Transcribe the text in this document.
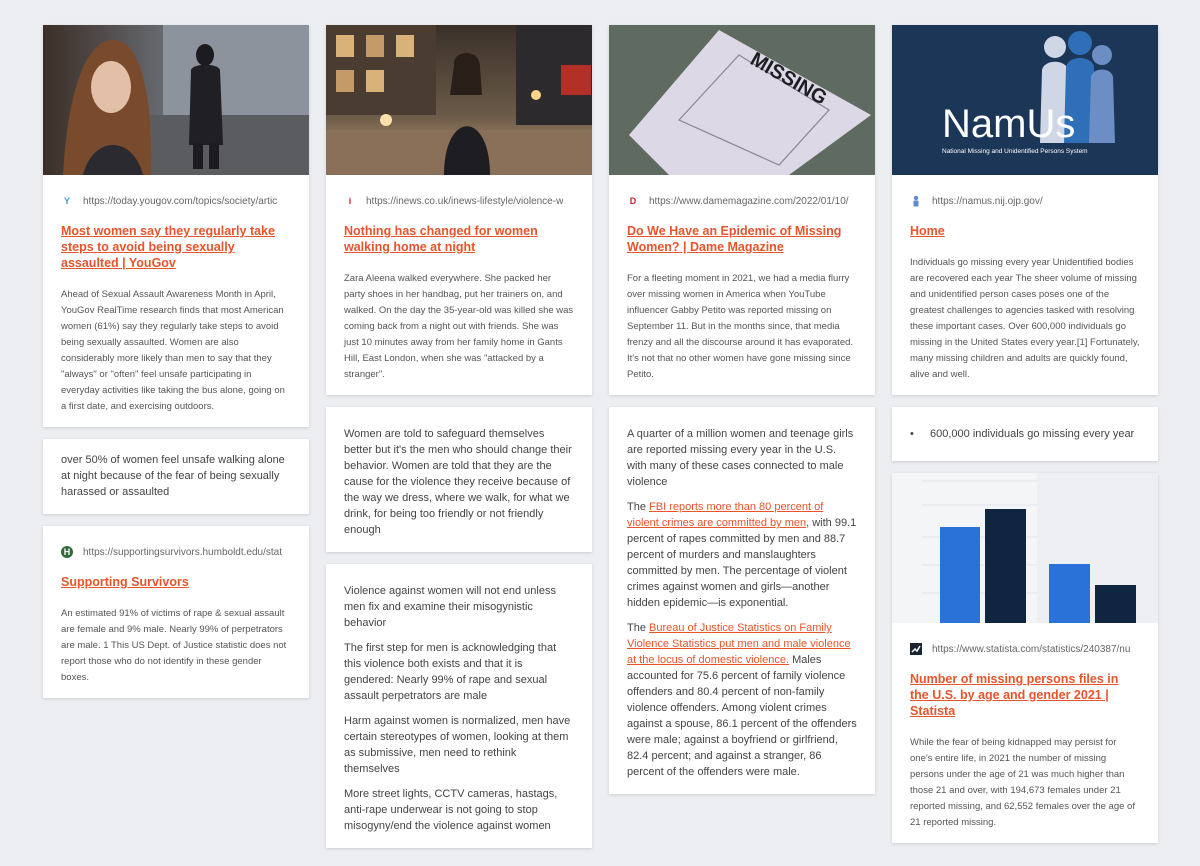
Y	https://today.yougov.com/topics/society/artic
Most women say they regularly take steps to avoid being sexually assaulted | YouGov

Ahead of Sexual Assault Awareness Month in April, YouGov RealTime research finds that most American women (61%) say they regularly take steps to avoid being sexually assaulted. Women are also considerably more likely than men to say that they "always" or "often" feel unsafe participating in everyday activities like taking the bus alone, going on a first date, and exercising outdoors.

over 50% of women feel unsafe walking alone at night because of the fear of being sexually harassed or assaulted

H https://supportingsurvivors.humboldt.edu/stat
Supporting Survivors

An estimated 91% of victims of rape & sexual assault are female and 9% male. Nearly 99% of perpetrators are male. 1 This US Dept. of Justice statistic does not report those who do not identify in these gender boxes.

i	https://inews.co.uk/inews-lifestyle/violence-w
Nothing has changed for women walking home at night

Zara Aleena walked everywhere. She packed her party shoes in her handbag, put her trainers on, and walked. On the day the 35-year-old was killed she was coming back from a night out with friends. She was just 10 minutes away from her family home in Gants Hill, East London, when she was "attacked by a stranger".

Women are told to safeguard themselves better but it's the men who should change their behavior. Women are told that they are the cause for the violence they receive because of the way we dress, where we walk, for what we drink, for being too friendly or not friendly enough

Violence against women will not end unless men fix and examine their misogynistic behavior

The first step for men is acknowledging that this violence both exists and that it is gendered: Nearly 99% of rape and sexual assault perpetrators are male

Harm against women is normalized, men have certain stereotypes of women, looking at them as submissive, men need to rethink themselves

More street lights, CCTV cameras, hastags, anti-rape underwear is not going to stop misogyny/end the violence against women

MISSING
D https://www.damemagazine.com/2022/01/10/
Do We Have an Epidemic of Missing Women? | Dame Magazine

For a fleeting moment in 2021, we had a media flurry over missing women in America when YouTube influencer Gabby Petito was reported missing on September 11. But in the months since, that media frenzy and all the discourse around it has evaporated. It's not that no other women have gone missing since Petito.

A quarter of a million women and teenage girls are reported missing every year in the U.S. with many of these cases connected to male violence

The FBI reports more than 80 percent of violent crimes are committed by men, with 99.1 percent of rapes committed by men and 88.7 percent of murders and manslaughters committed by men. The percentage of violent crimes against women and girls—another hidden epidemic—is exponential.

The Bureau of Justice Statistics on Family Violence Statistics put men and male violence at the locus of domestic violence. Males accounted for 75.6 percent of family violence offenders and 80.4 percent of non-family violence offenders. Among violent crimes against a spouse, 86.1 percent of the offenders were male; against a boyfriend or girlfriend, 82.4 percent; and against a stranger, 86 percent of the offenders were male.

NamUs
National Missing and Unidentified Persons System
https://namus.nij.ojp.gov/
Home

Individuals go missing every year Unidentified bodies are recovered each year The sheer volume of missing and unidentified person cases poses one of the greatest challenges to agencies tasked with resolving these important cases. Over 600,000 individuals go missing in the United States every year.[1] Fortunately, many missing children and adults are quickly found, alive and well.

•	600,000 individuals go missing every year
https://www.statista.com/statistics/240387/nu
Number of missing persons files in the U.S. by age and gender 2021 | Statista

While the fear of being kidnapped may persist for one's entire life, in 2021 the number of missing persons under the age of 21 was much higher than those 21 and over, with 194,673 females under 21 reported missing, and 62,552 females over the age of 21 reported missing.
